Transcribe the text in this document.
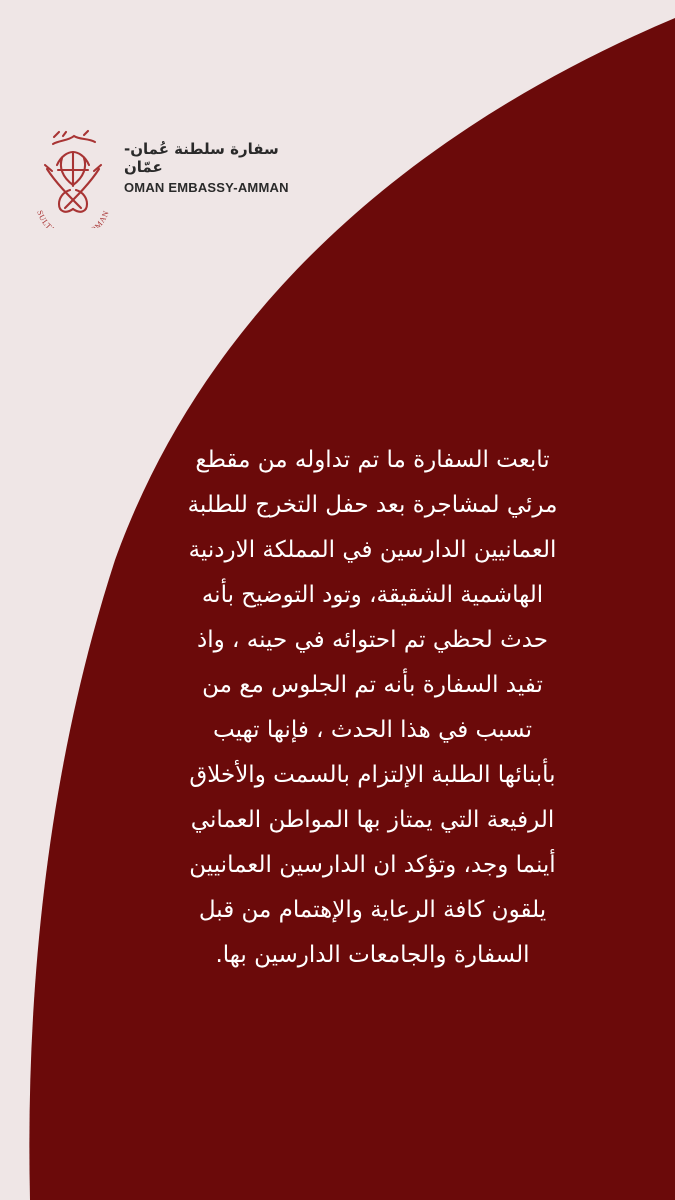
SULT MAN
سفارة سلطنة عُمان-عمّان
OMAN EMBASSY-AMMAN
تابعت السفارة ما تم تداوله من مقطع
مرئي لمشاجرة بعد حفل التخرج للطلبة
العمانيين الدارسين في المملكة الاردنية
الهاشمية الشقيقة، وتود التوضيح بأنه
حدث لحظي تم احتوائه في حينه ، واذ
تفيد السفارة بأنه تم الجلوس مع من
تسبب في هذا الحدث ، فإنها تهيب
بأبنائها الطلبة الإلتزام بالسمت والأخلاق
الرفيعة التي يمتاز بها المواطن العماني
أينما وجد، وتؤكد ان الدارسين العمانيين
يلقون كافة الرعاية والإهتمام من قبل
السفارة والجامعات الدارسين بها.
